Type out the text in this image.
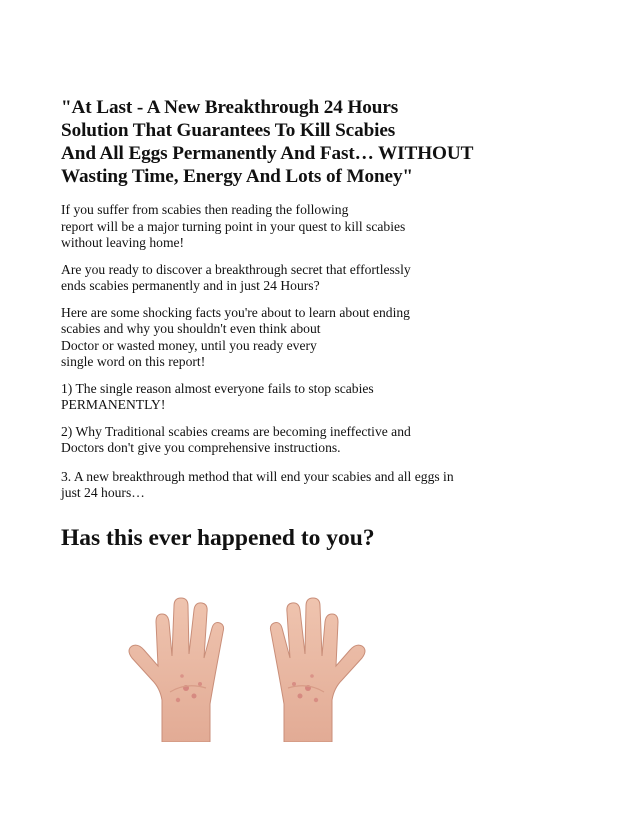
"At Last - A New Breakthrough 24 Hours
Solution That Guarantees To Kill Scabies
And All Eggs Permanently And Fast… WITHOUT
Wasting Time, Energy And Lots of Money"

If you suffer from scabies then reading the following
report will be a major turning point in your quest to kill scabies
without leaving home!

Are you ready to discover a breakthrough secret that effortlessly
ends scabies permanently and in just 24 Hours?

Here are some shocking facts you're about to learn about ending
scabies and why you shouldn't even think about
Doctor or wasted money, until you ready every
single word on this report!

1) The single reason almost everyone fails to stop scabies
PERMANENTLY!

2) Why Traditional scabies creams are becoming ineffective and
Doctors don't give you comprehensive instructions.

3. A new breakthrough method that will end your scabies and all eggs in
just 24 hours…

Has this ever happened to you?
